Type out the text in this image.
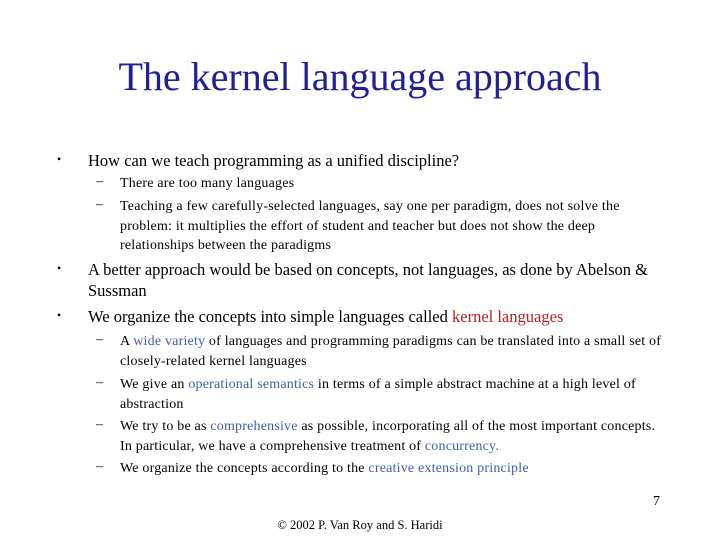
The kernel language approach
• How can we teach programming as a unified discipline?
– There are too many languages
– Teaching a few carefully-selected languages, say one per paradigm, does not solve the problem: it multiplies the effort of student and teacher but does not show the deep relationships between the paradigms
• A better approach would be based on concepts, not languages, as done by Abelson & Sussman
• We organize the concepts into simple languages called kernel languages
– A wide variety of languages and programming paradigms can be translated into a small set of closely-related kernel languages
– We give an operational semantics in terms of a simple abstract machine at a high level of abstraction
– We try to be as comprehensive as possible, incorporating all of the most important concepts. In particular, we have a comprehensive treatment of concurrency.
– We organize the concepts according to the creative extension principle
7
© 2002 P. Van Roy and S. Haridi
